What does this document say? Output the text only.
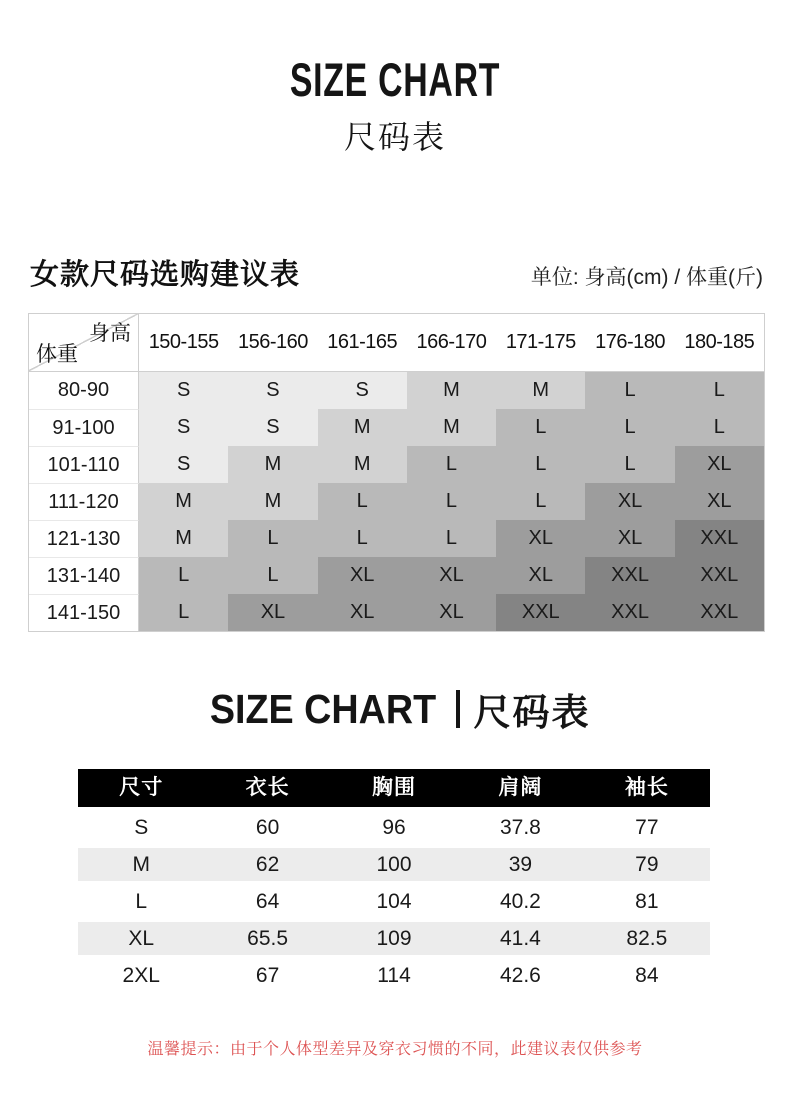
SIZE CHART
尺码表
女款尺码选购建议表	单位: 身高(cm) / 体重(斤)
身高
体重
150-155 156-160 161-165 166-170 171-175 176-180 180-185
80-90	S	S	S	M	M	L	L
91-100	S	S	M	M	L	L	L
101-110	S	M	M	L	L	L	XL
111-120	M	M	L	L	L	XL	XL
121-130	M	L	L	L	XL	XL	XXL
131-140	L	L	XL	XL	XL	XXL	XXL
141-150	L	XL	XL	XL	XXL	XXL	XXL
SIZE CHART 尺码表
尺寸	衣长	胸围	肩阔	袖长
S	60	96	37.8	77
M	62	100	39	79
L	64	104	40.2	81
XL	65.5	109	41.4	82.5
2XL	67	114	42.6	84
温馨提示：由于个人体型差异及穿衣习惯的不同，此建议表仅供参考
